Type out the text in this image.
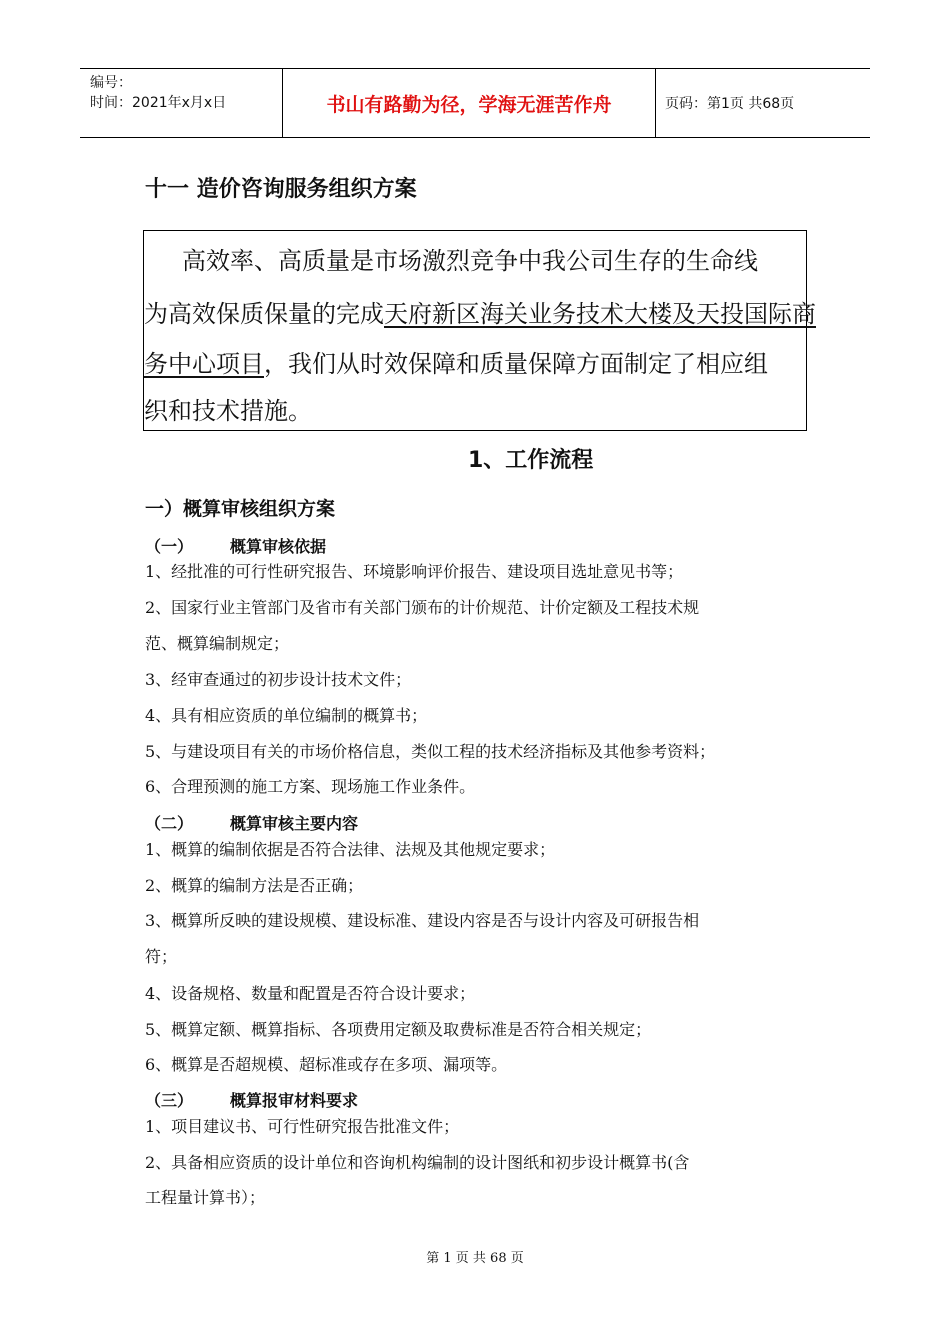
编号：
时间：2021年x月x日	书山有路勤为径，学海无涯苦作舟	页码：第1页 共68页
十一 造价咨询服务组织方案
高效率、高质量是市场激烈竞争中我公司生存的生命线
为高效保质保量的完成天府新区海关业务技术大楼及天投国际商
务中心项目，我们从时效保障和质量保障方面制定了相应组
织和技术措施。
1、工作流程
一）概算审核组织方案
（一） 概算审核依据
1、经批准的可行性研究报告、环境影响评价报告、建设项目选址意见书等；
2、国家行业主管部门及省市有关部门颁布的计价规范、计价定额及工程技术规
范、概算编制规定；
3、经审查通过的初步设计技术文件；
4、具有相应资质的单位编制的概算书；
5、与建设项目有关的市场价格信息，类似工程的技术经济指标及其他参考资料；
6、合理预测的施工方案、现场施工作业条件。
（二） 概算审核主要内容
1、概算的编制依据是否符合法律、法规及其他规定要求；
2、概算的编制方法是否正确；
3、概算所反映的建设规模、建设标准、建设内容是否与设计内容及可研报告相
符；
4、设备规格、数量和配置是否符合设计要求；
5、概算定额、概算指标、各项费用定额及取费标准是否符合相关规定；
6、概算是否超规模、超标准或存在多项、漏项等。
（三） 概算报审材料要求
1、项目建议书、可行性研究报告批准文件；
2、具备相应资质的设计单位和咨询机构编制的设计图纸和初步设计概算书(含
工程量计算书）；
第 1 页 共 68 页
